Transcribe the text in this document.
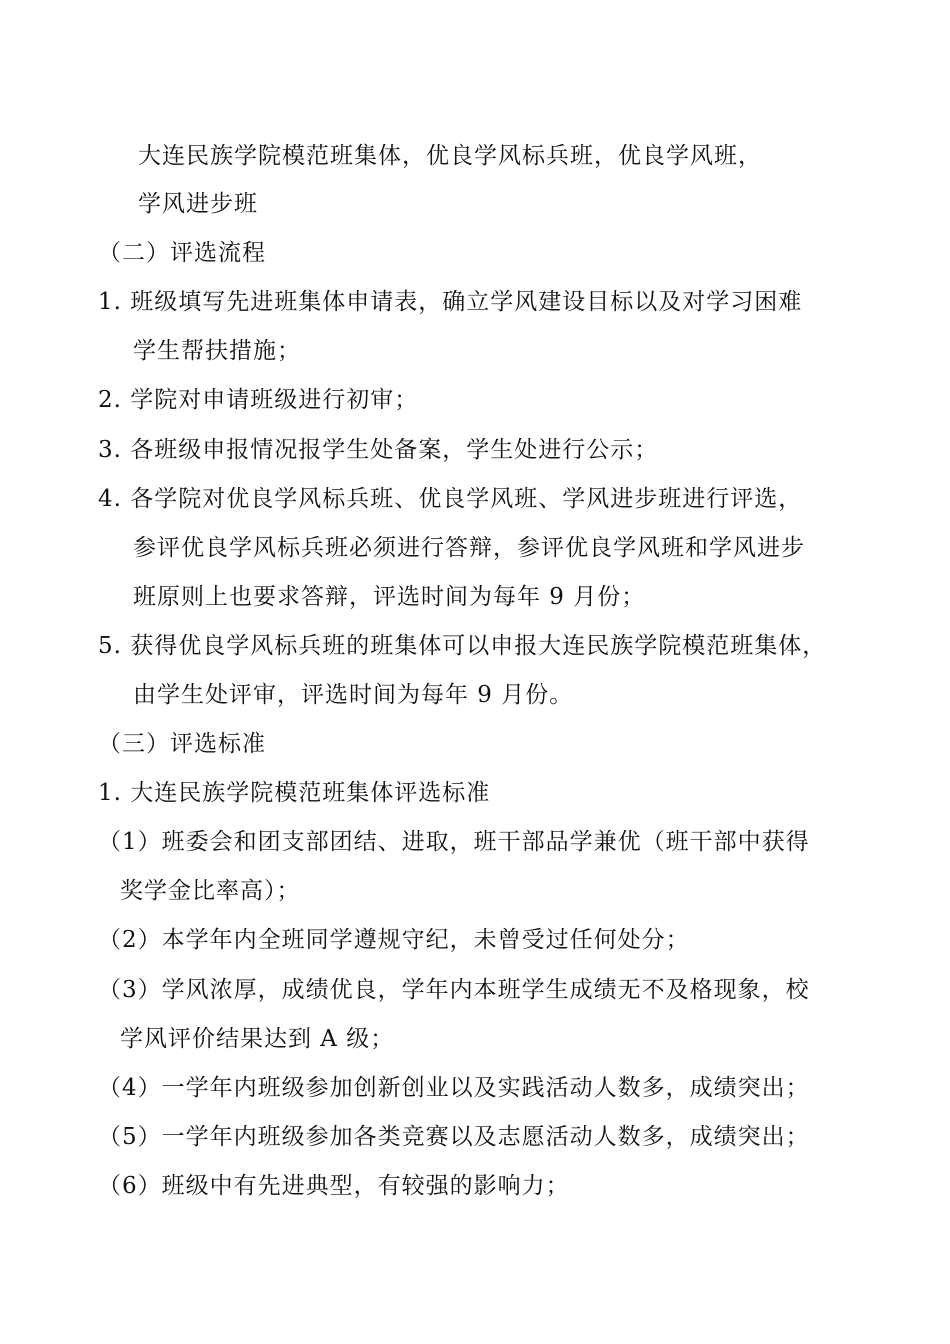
大连民族学院模范班集体，优良学风标兵班，优良学风班，
学风进步班
（二）评选流程
1. 班级填写先进班集体申请表，确立学风建设目标以及对学习困难
学生帮扶措施；
2. 学院对申请班级进行初审；
3. 各班级申报情况报学生处备案，学生处进行公示；
4. 各学院对优良学风标兵班、优良学风班、学风进步班进行评选，
参评优良学风标兵班必须进行答辩，参评优良学风班和学风进步
班原则上也要求答辩，评选时间为每年 9 月份；
5. 获得优良学风标兵班的班集体可以申报大连民族学院模范班集体，
由学生处评审，评选时间为每年 9 月份。
（三）评选标准
1. 大连民族学院模范班集体评选标准
（1）班委会和团支部团结、进取，班干部品学兼优（班干部中获得
奖学金比率高）；
（2）本学年内全班同学遵规守纪，未曾受过任何处分；
（3）学风浓厚，成绩优良，学年内本班学生成绩无不及格现象，校
学风评价结果达到 A 级；
（4）一学年内班级参加创新创业以及实践活动人数多，成绩突出；
（5）一学年内班级参加各类竞赛以及志愿活动人数多，成绩突出；
（6）班级中有先进典型，有较强的影响力；
